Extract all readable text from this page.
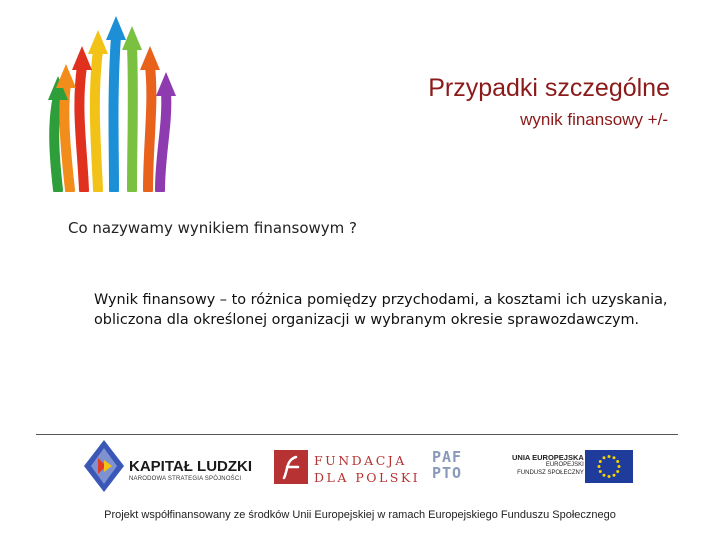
Przypadki szczególne
wynik finansowy +/-
Co nazywamy wynikiem finansowym ?
Wynik finansowy – to różnica pomiędzy przychodami, a kosztami ich uzyskania, obliczona dla określonej organizacji w wybranym okresie sprawozdawczym.
KAPITAŁ LUDZKI
NARODOWA STRATEGIA SPÓJNOŚCI
FUNDACJA
DLA POLSKI
PAF
PTO
UNIA EUROPEJSKA
EUROPEJSKI
FUNDUSZ SPOŁECZNY
Projekt współfinansowany ze środków Unii Europejskiej w ramach Europejskiego Funduszu Społecznego
